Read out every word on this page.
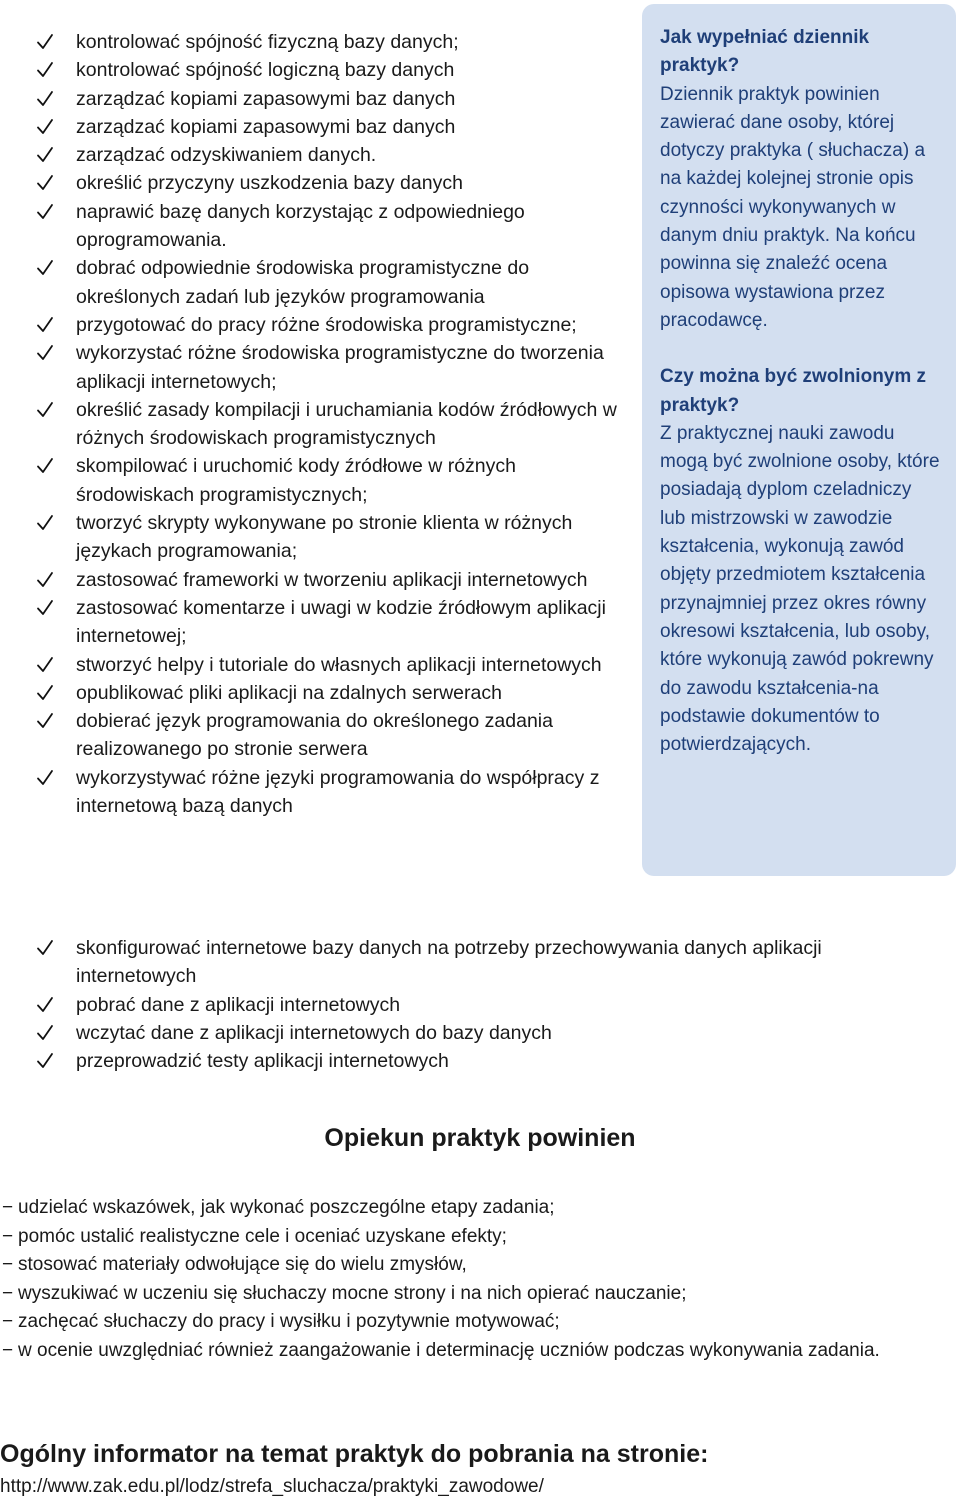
kontrolować spójność fizyczną bazy danych;
kontrolować spójność logiczną bazy danych
zarządzać kopiami zapasowymi baz danych
zarządzać kopiami zapasowymi baz danych
zarządzać odzyskiwaniem danych.
określić przyczyny uszkodzenia bazy danych
naprawić bazę danych korzystając z odpowiedniego oprogramowania.
dobrać odpowiednie środowiska programistyczne do określonych zadań lub języków programowania
przygotować do pracy różne środowiska programistyczne;
wykorzystać różne środowiska programistyczne do tworzenia aplikacji internetowych;
określić zasady kompilacji i uruchamiania kodów źródłowych w różnych środowiskach programistycznych
skompilować i uruchomić kody źródłowe w różnych środowiskach programistycznych;
tworzyć skrypty wykonywane po stronie klienta w różnych językach programowania;
zastosować frameworki w tworzeniu aplikacji internetowych
zastosować komentarze i uwagi w kodzie źródłowym aplikacji internetowej;
stworzyć helpy i tutoriale do własnych aplikacji internetowych
opublikować pliki aplikacji na zdalnych serwerach
dobierać język programowania do określonego zadania realizowanego po stronie serwera
wykorzystywać różne języki programowania do współpracy z internetową bazą danych

Jak wypełniać dziennik praktyk?

Dziennik praktyk powinien zawierać dane osoby, której dotyczy praktyka ( słuchacza) a na każdej kolejnej stronie opis czynności wykonywanych w danym dniu praktyk. Na końcu powinna się znaleźć ocena opisowa wystawiona przez pracodawcę.

Czy można być zwolnionym z praktyk?

Z praktycznej nauki zawodu mogą być zwolnione osoby, które posiadają dyplom czeladniczy lub mistrzowski w zawodzie kształcenia, wykonują zawód objęty przedmiotem kształcenia przynajmniej przez okres równy okresowi kształcenia, lub osoby, które wykonują zawód pokrewny do zawodu kształcenia-na podstawie dokumentów to potwierdzających.

skonfigurować internetowe bazy danych na potrzeby przechowywania danych aplikacji internetowych
pobrać dane z aplikacji internetowych
wczytać dane z aplikacji internetowych do bazy danych
przeprowadzić testy aplikacji internetowych
Opiekun praktyk powinien
− udzielać wskazówek, jak wykonać poszczególne etapy zadania;
− pomóc ustalić realistyczne cele i oceniać uzyskane efekty;
− stosować materiały odwołujące się do wielu zmysłów,
− wyszukiwać w uczeniu się słuchaczy mocne strony i na nich opierać nauczanie;
− zachęcać słuchaczy do pracy i wysiłku i pozytywnie motywować;
− w ocenie uwzględniać również zaangażowanie i determinację uczniów podczas wykonywania zadania.
Ogólny informator na temat praktyk do pobrania na stronie:

http://www.zak.edu.pl/lodz/strefa_sluchacza/praktyki_zawodowe/
